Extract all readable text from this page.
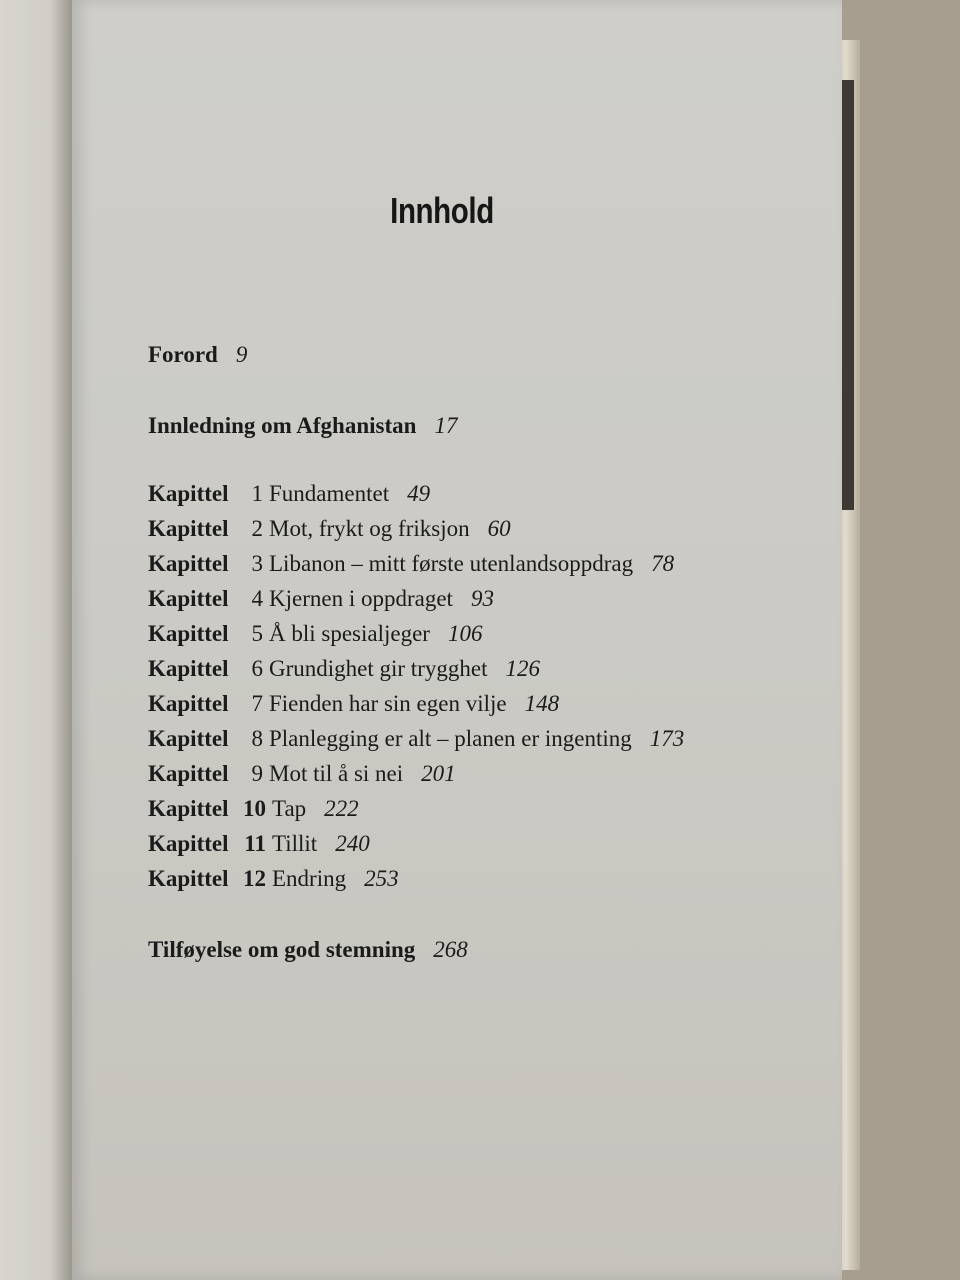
Innhold
Forord 9
Innledning om Afghanistan 17
Kapittel 1 Fundamentet 49
Kapittel 2 Mot, frykt og friksjon 60
Kapittel 3 Libanon – mitt første utenlandsoppdrag 78
Kapittel 4 Kjernen i oppdraget 93
Kapittel 5 Å bli spesialjeger 106
Kapittel 6 Grundighet gir trygghet 126
Kapittel 7 Fienden har sin egen vilje 148
Kapittel 8 Planlegging er alt – planen er ingenting 173
Kapittel 9 Mot til å si nei 201
Kapittel 10 Tap 222
Kapittel 11 Tillit 240
Kapittel 12 Endring 253
Tilføyelse om god stemning 268
